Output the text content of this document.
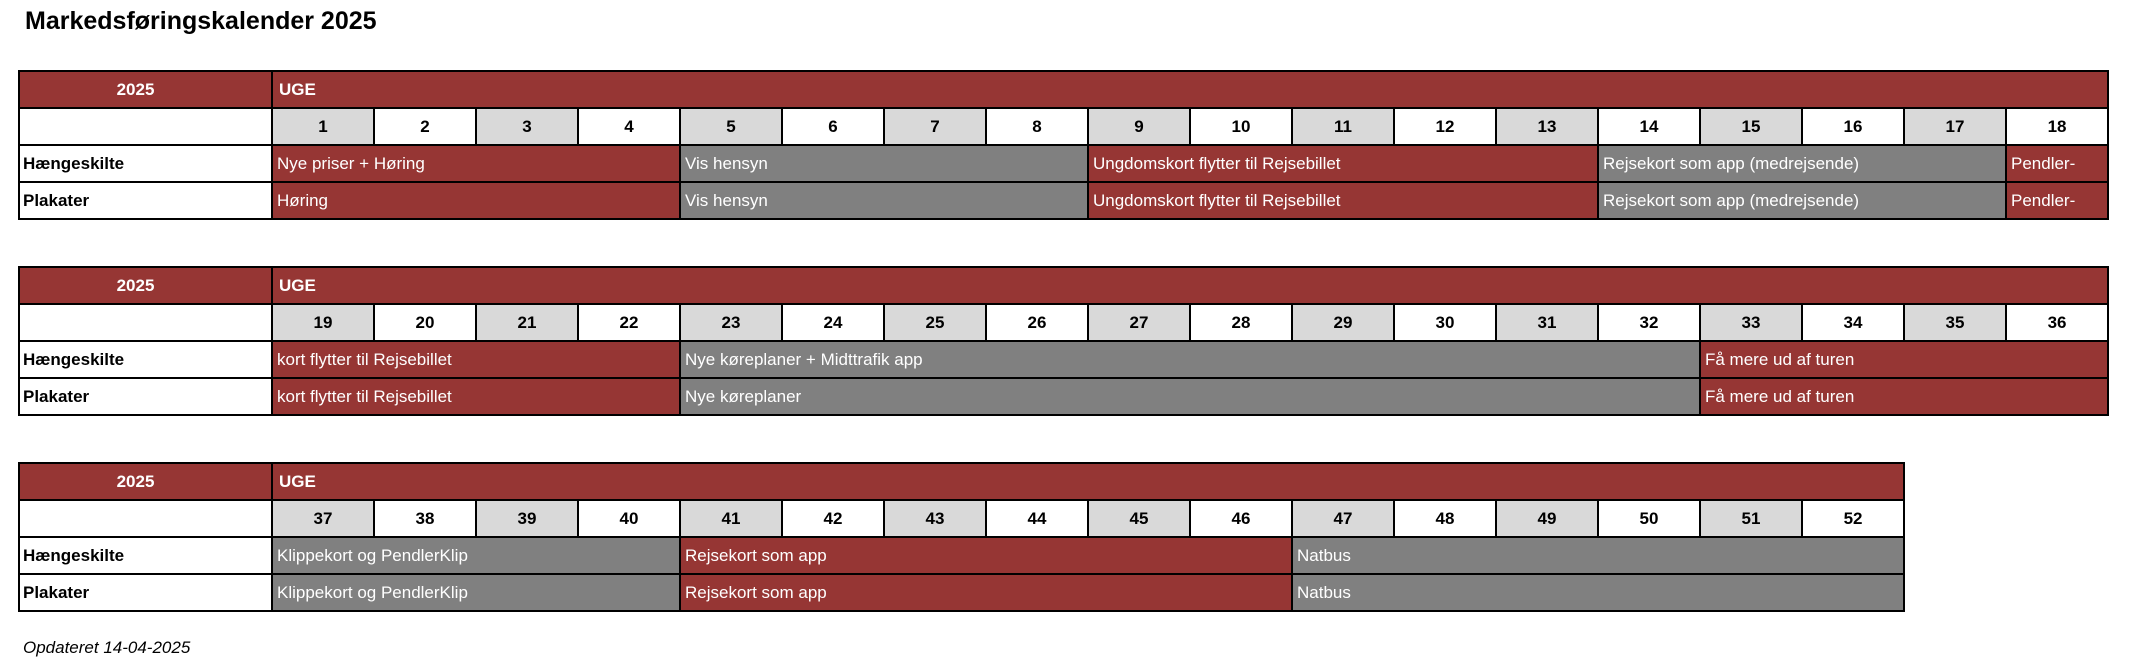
Markedsføringskalender 2025
2025	UGE																	
	1	2	3	4	5	6	7	8	9	10	11	12	13	14	15	16	17	18
Hængeskilte	Nye priser + Høring				Vis hensyn				Ungdomskort flytter til Rejsebillet					Rejsekort som app (medrejsende)				Pendler-
Plakater	Høring				Vis hensyn				Ungdomskort flytter til Rejsebillet					Rejsekort som app (medrejsende)				Pendler-
2025	UGE																	
	19	20	21	22	23	24	25	26	27	28	29	30	31	32	33	34	35	36
Hængeskilte	kort flytter til Rejsebillet				Nye køreplaner + Midttrafik app										Få mere ud af turen			
Plakater	kort flytter til Rejsebillet				Nye køreplaner										Få mere ud af turen			
2025	UGE															
	37	38	39	40	41	42	43	44	45	46	47	48	49	50	51	52
Hængeskilte	Klippekort og PendlerKlip				Rejsekort som app						Natbus					
Plakater	Klippekort og PendlerKlip				Rejsekort som app						Natbus					
Opdateret 14-04-2025
